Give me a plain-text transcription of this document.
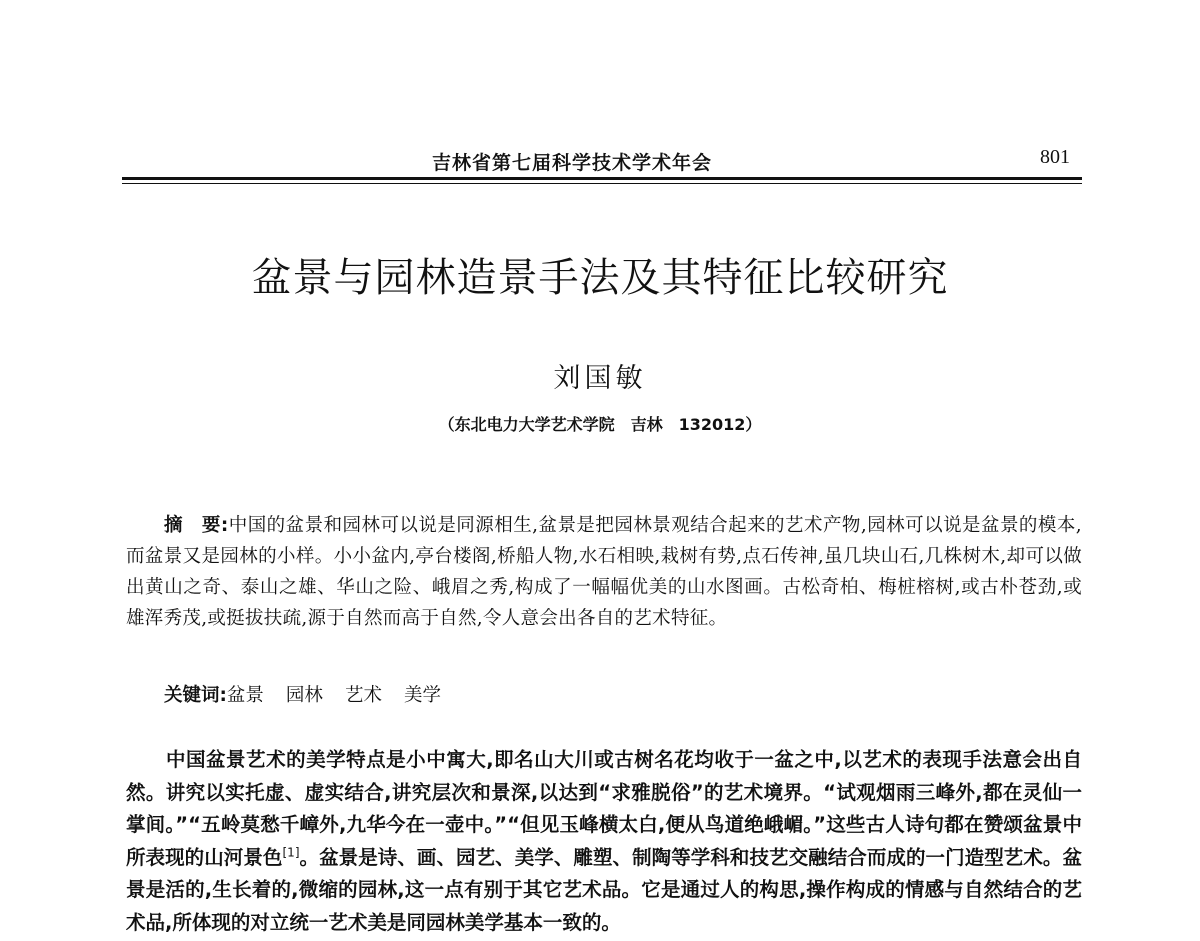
吉林省第七届科学技术学术年会	801
盆景与园林造景手法及其特征比较研究
刘国敏
（东北电力大学艺术学院　吉林　132012）
摘　要:中国的盆景和园林可以说是同源相生,盆景是把园林景观结合起来的艺术产物,园林可以说是盆景的模本,而盆景又是园林的小样。小小盆内,亭台楼阁,桥船人物,水石相映,栽树有势,点石传神,虽几块山石,几株树木,却可以做出黄山之奇、泰山之雄、华山之险、峨眉之秀,构成了一幅幅优美的山水图画。古松奇柏、梅桩榕树,或古朴苍劲,或雄浑秀茂,或挺拔扶疏,源于自然而高于自然,令人意会出各自的艺术特征。
关键词:盆景 园林 艺术 美学
中国盆景艺术的美学特点是小中寓大,即名山大川或古树名花均收于一盆之中,以艺术的表现手法意会出自然。讲究以实托虚、虚实结合,讲究层次和景深,以达到“求雅脱俗”的艺术境界。“试观烟雨三峰外,都在灵仙一掌间。”“五岭莫愁千嶂外,九华今在一壶中。”“但见玉峰横太白,便从鸟道绝峨嵋。”这些古人诗句都在赞颂盆景中所表现的山河景色[1]。盆景是诗、画、园艺、美学、雕塑、制陶等学科和技艺交融结合而成的一门造型艺术。盆景是活的,生长着的,微缩的园林,这一点有别于其它艺术品。它是通过人的构思,操作构成的情感与自然结合的艺术品,所体现的对立统一艺术美是同园林美学基本一致的。
